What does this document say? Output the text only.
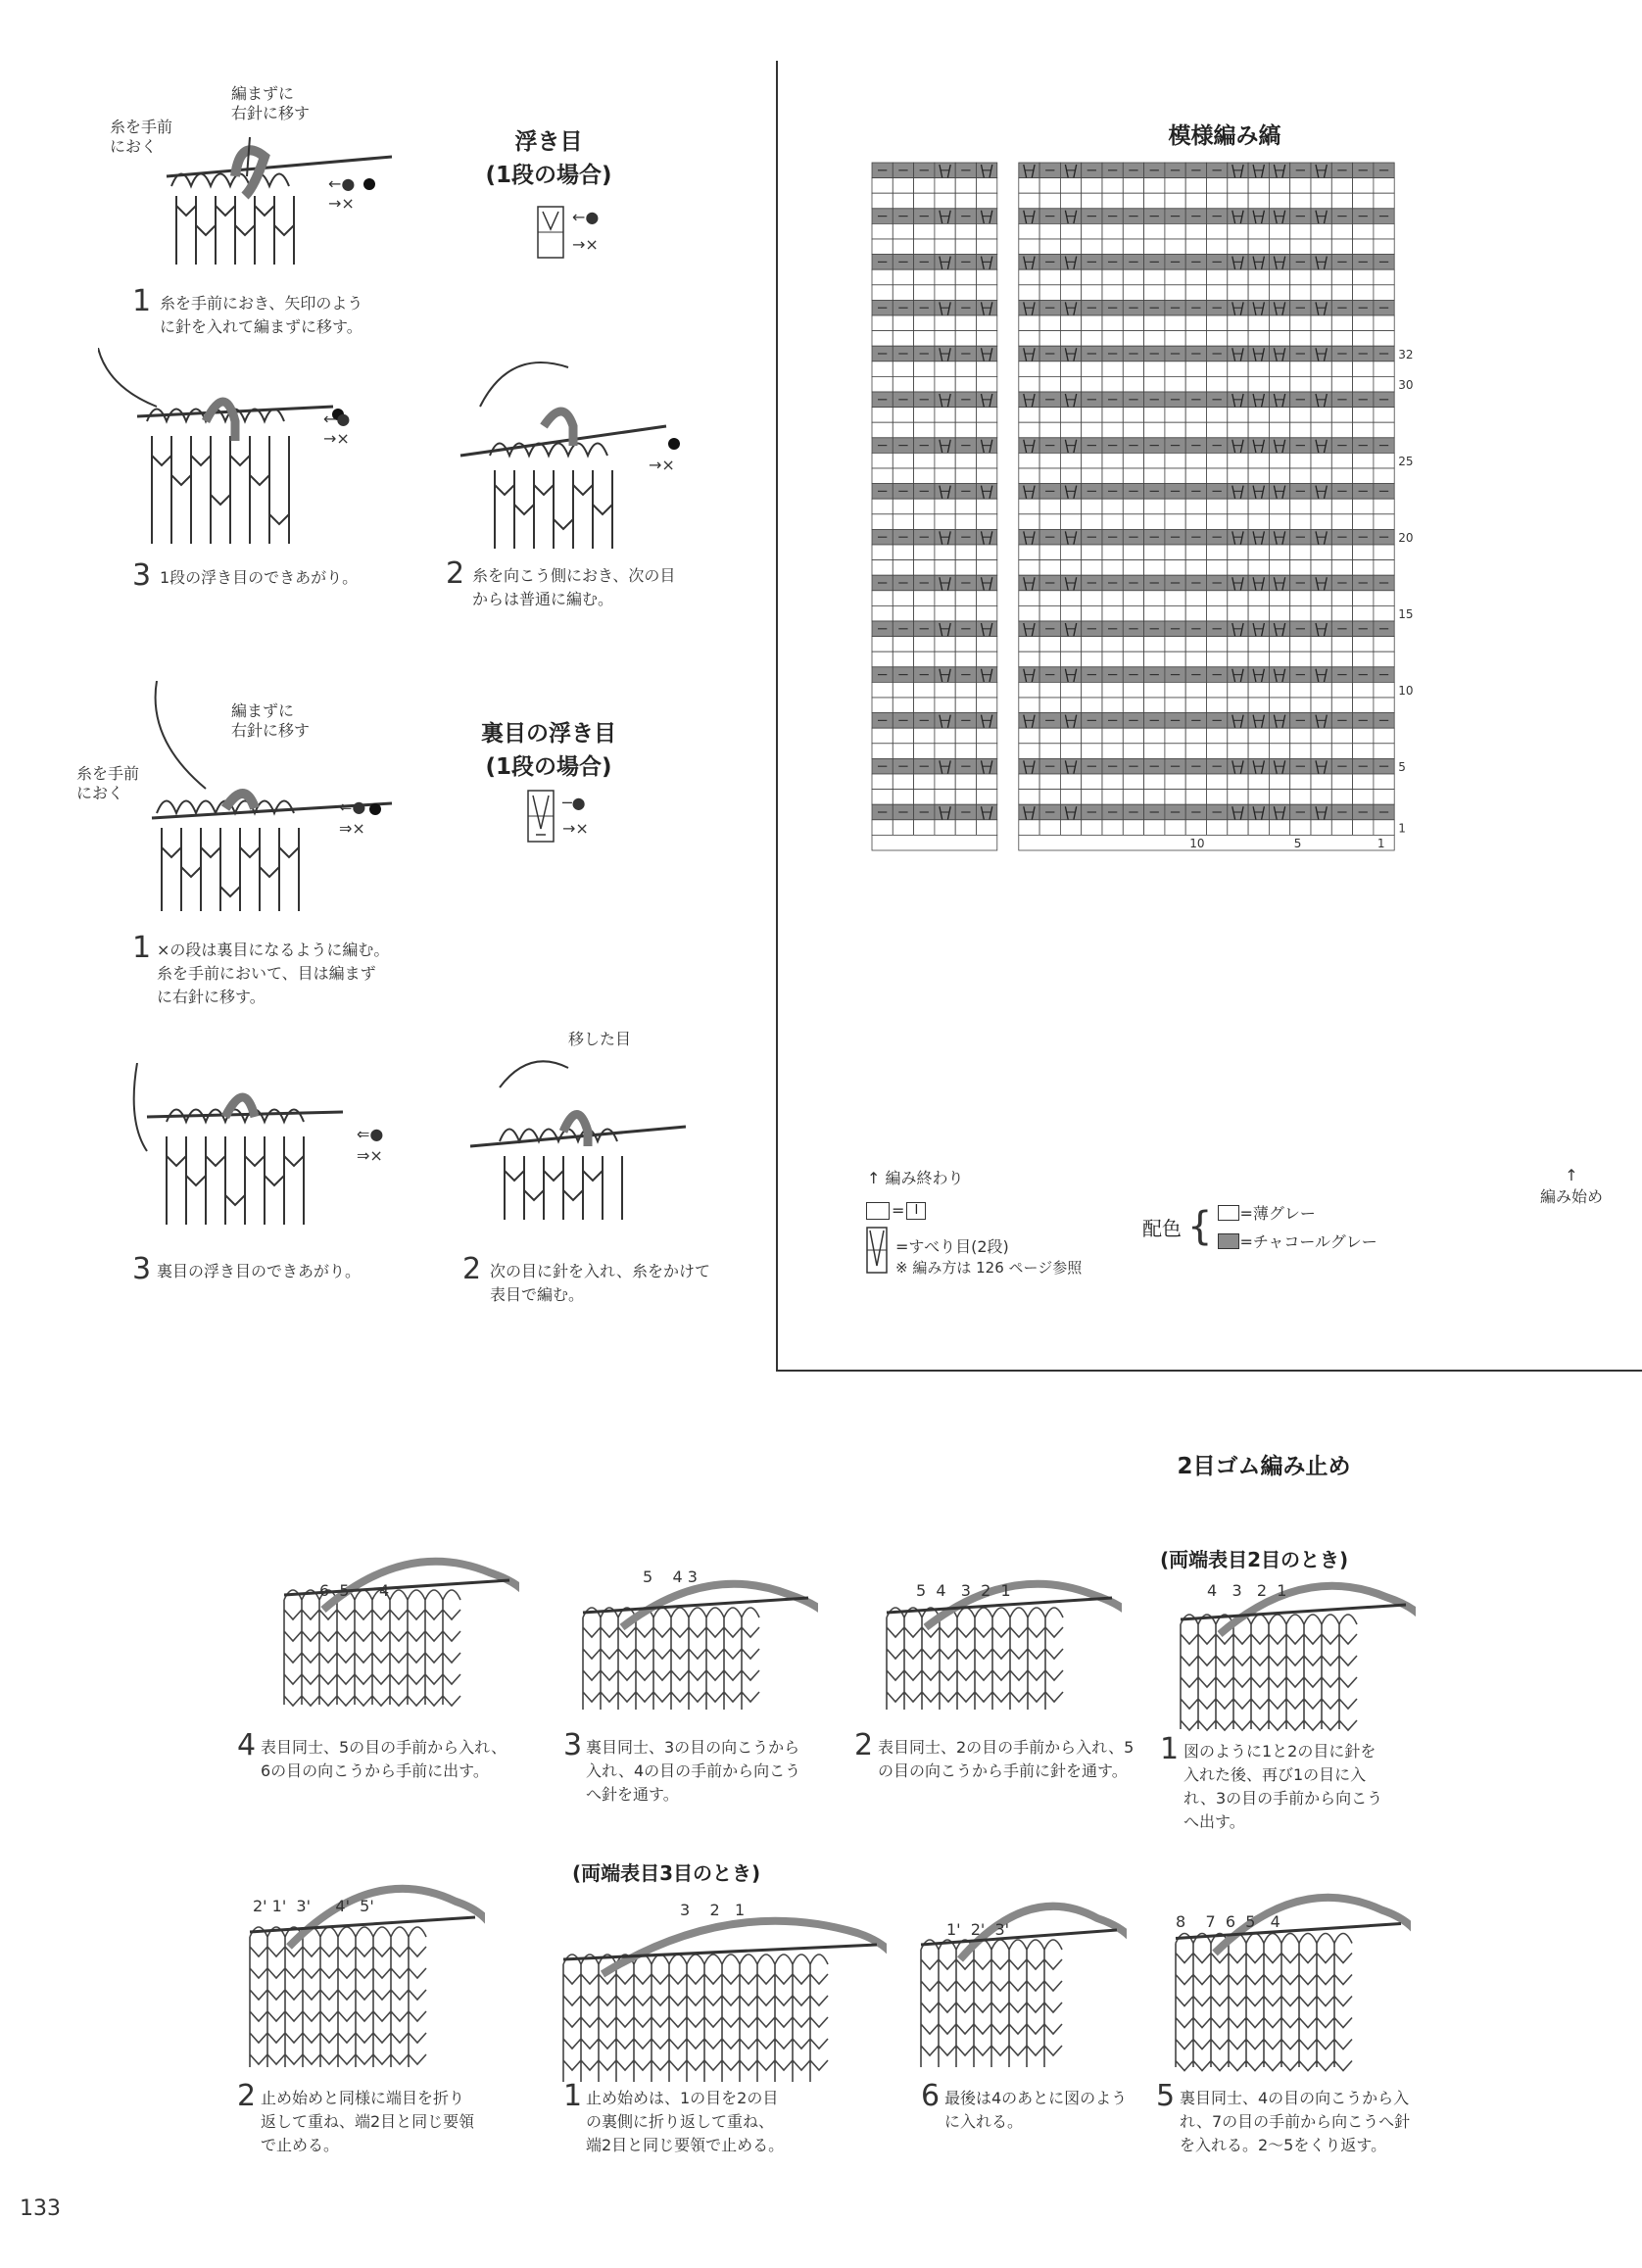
編まずに
右針に移す
糸を手前
におく
←●
→×
浮き目
(1段の場合)
←●
→×
1 糸を手前におき、矢印のよう
に針を入れて編まずに移す。
←●
→×
→×
3 1段の浮き目のできあがり。	2 糸を向こう側におき、次の目
からは普通に編む。
編まずに
右針に移す
糸を手前
におく
⇐●
⇒×
裏目の浮き目
(1段の場合)
─●
→×
1 ×の段は裏目になるように編む。
糸を手前において、目は編まず
に右針に移す。
⇐●
⇒×
移した目
3 裏目の浮き目のできあがり。	2 次の目に針を入れ、糸をかけて
表目で編む。
模様編み縞
32
30
25
20
15
10
5
1
10	5	1
↑ 編み終わり	↑
編み始め
= I
=すべり目(2段)
※ 編み方は 126 ページ参照
配色 { =薄グレー
=チャコールグレー
2目ゴム編み止め
(両端表目2目のとき)
(両端表目3目のとき)
6  5      4
5    4 3
5  4   3  2  1	4   3   2  1
4 表目同士、5の目の手前から入れ、
6の目の向こうから手前に出す。
3 裏目同士、3の目の向こうから
入れ、4の目の手前から向こう
へ針を通す。
2 表目同士、2の目の手前から入れ、5
の目の向こうから手前に針を通す。
1 図のように1と2の目に針を
入れた後、再び1の目に入
れ、3の目の手前から向こう
へ出す。
2' 1'  3'     4'  5'	3    2   1
1'  2'  3'	8    7  6  5   4
2 止め始めと同様に端目を折り
返して重ね、端2目と同じ要領
で止める。
1 止め始めは、1の目を2の目
の裏側に折り返して重ね、
端2目と同じ要領で止める。
6 最後は4のあとに図のよう
に入れる。
5 裏目同士、4の目の向こうから入
れ、7の目の手前から向こうへ針
を入れる。2〜5をくり返す。
133
